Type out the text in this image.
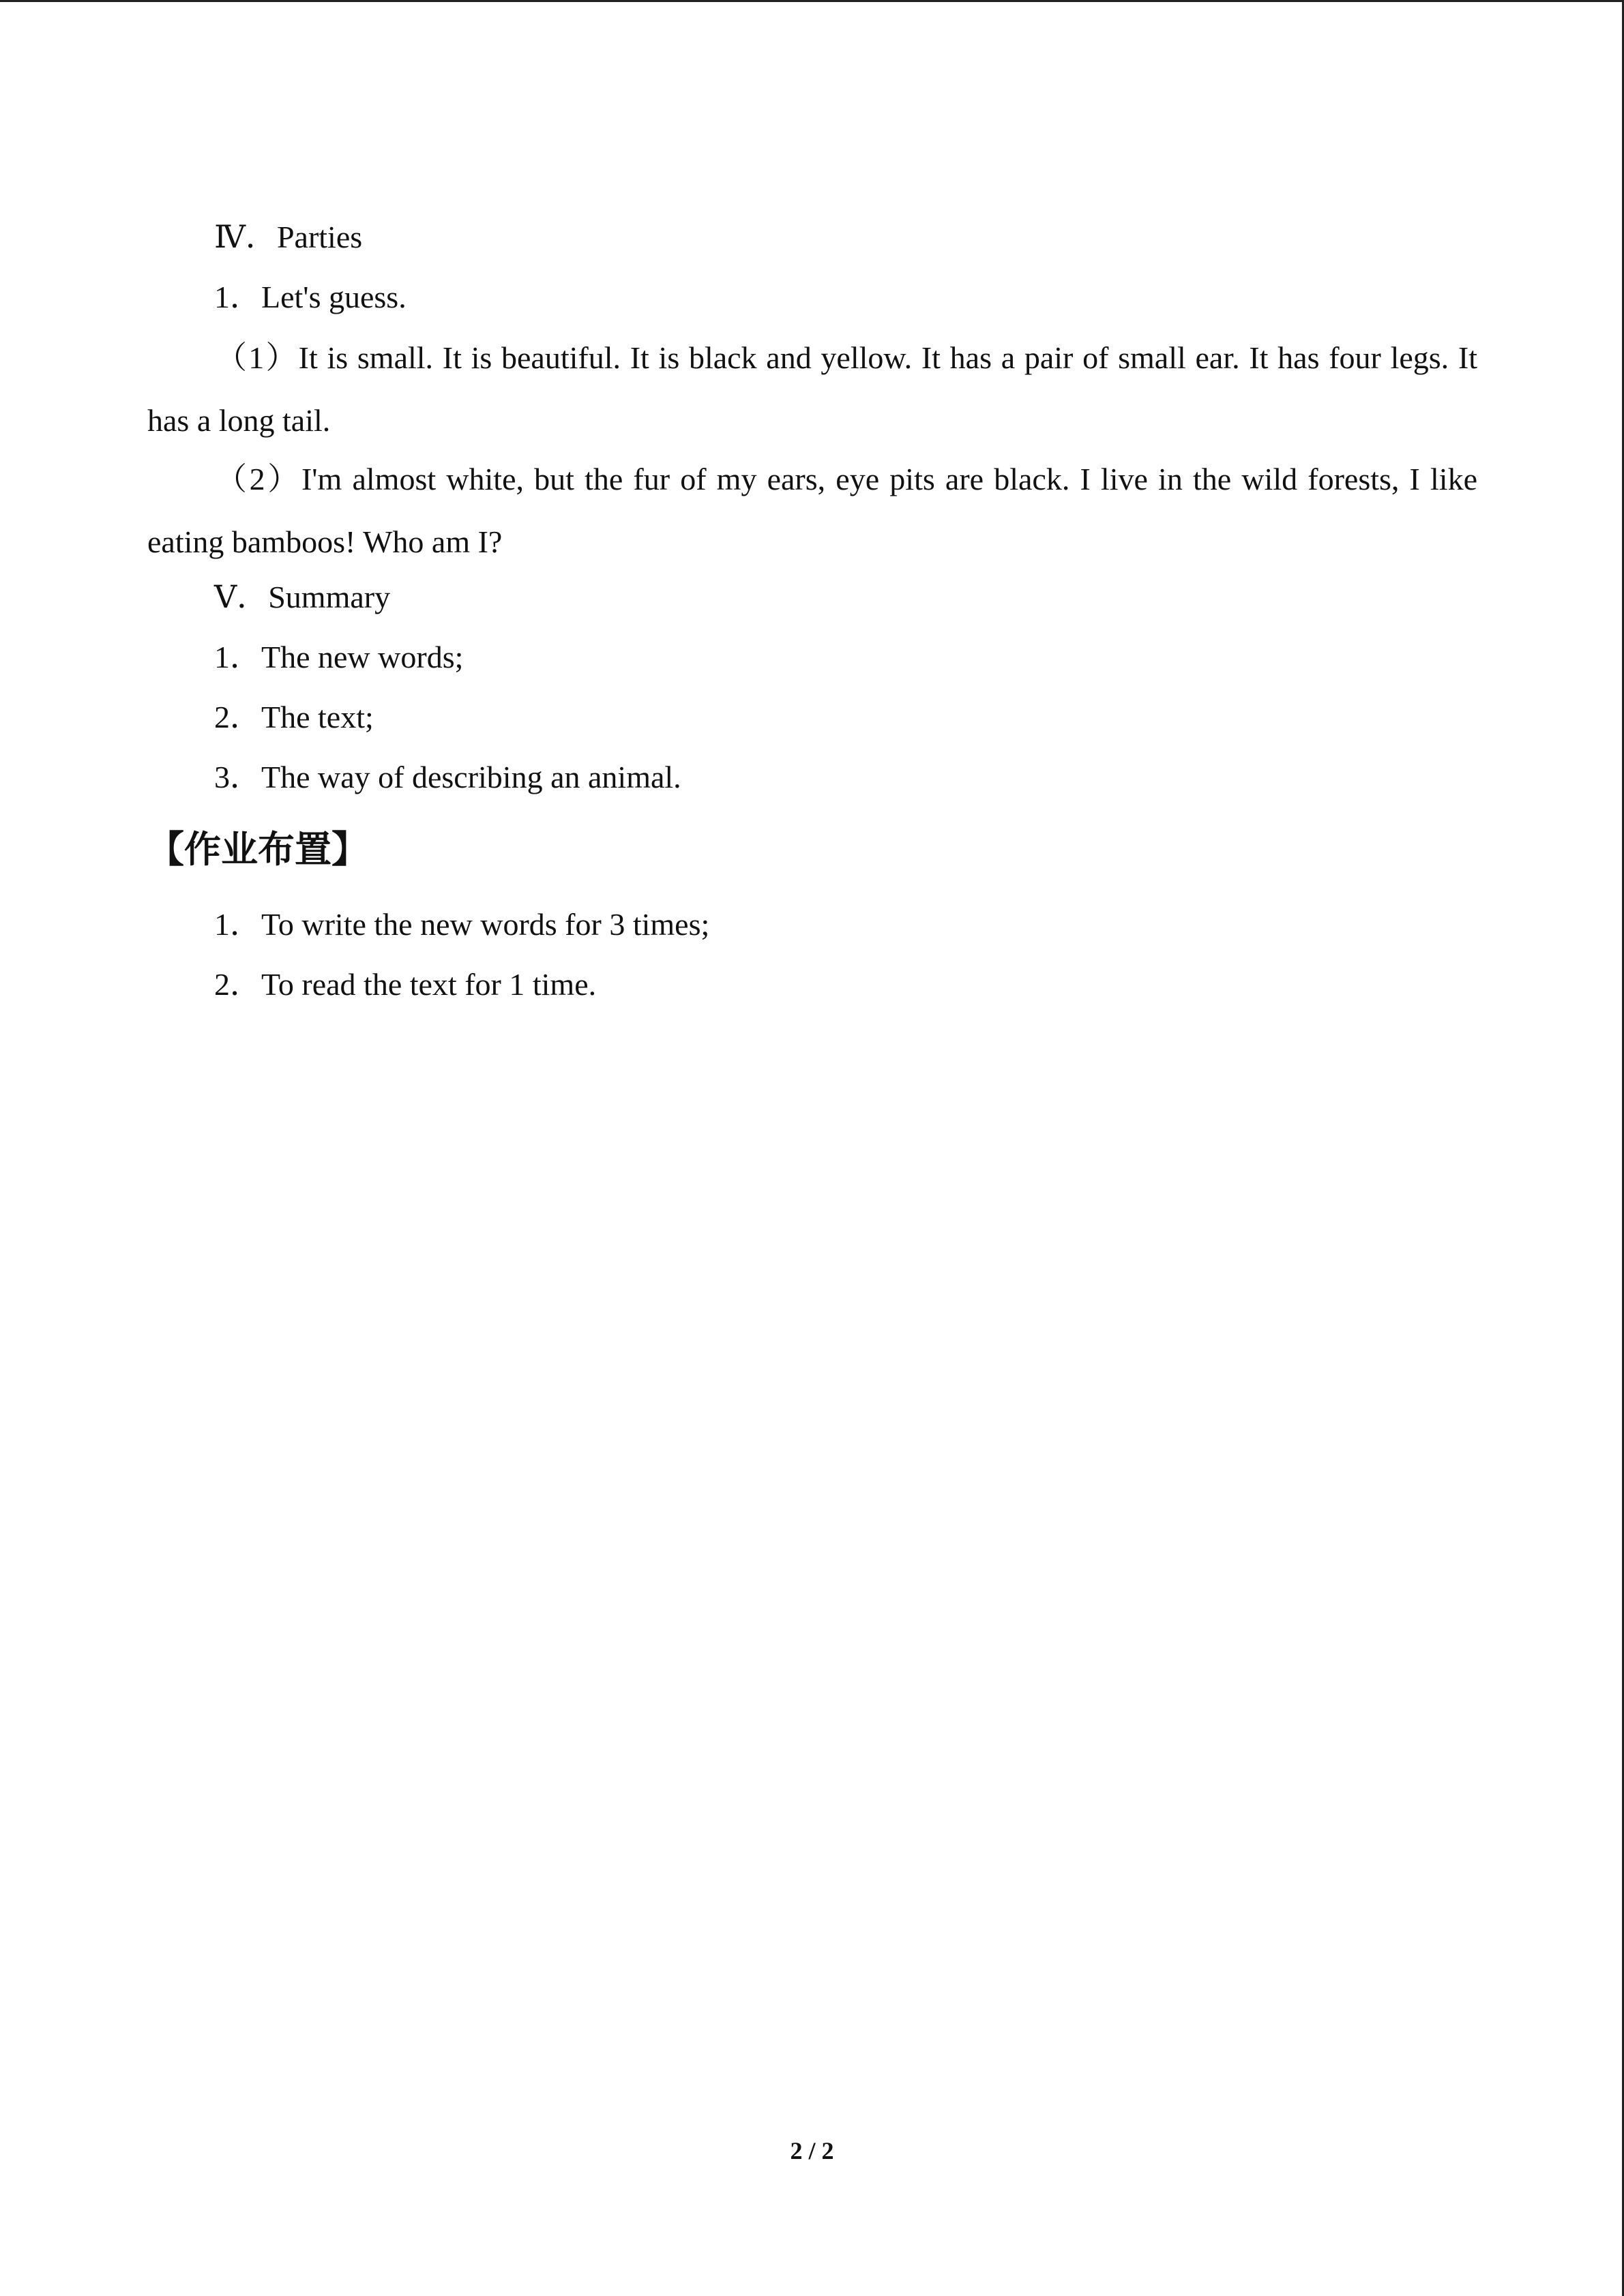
Ⅳ．Parties
1．Let's guess.
（1）It is small. It is beautiful. It is black and yellow. It has a pair of small ear. It has four legs. It has a long tail.
（2）I'm almost white, but the fur of my ears, eye pits are black. I live in the wild forests, I like eating bamboos! Who am I?
Ⅴ．Summary
1．The new words;
2．The text;
3．The way of describing an animal.
【作业布置】
1．To write the new words for 3 times;
2．To read the text for 1 time.
2 / 2
